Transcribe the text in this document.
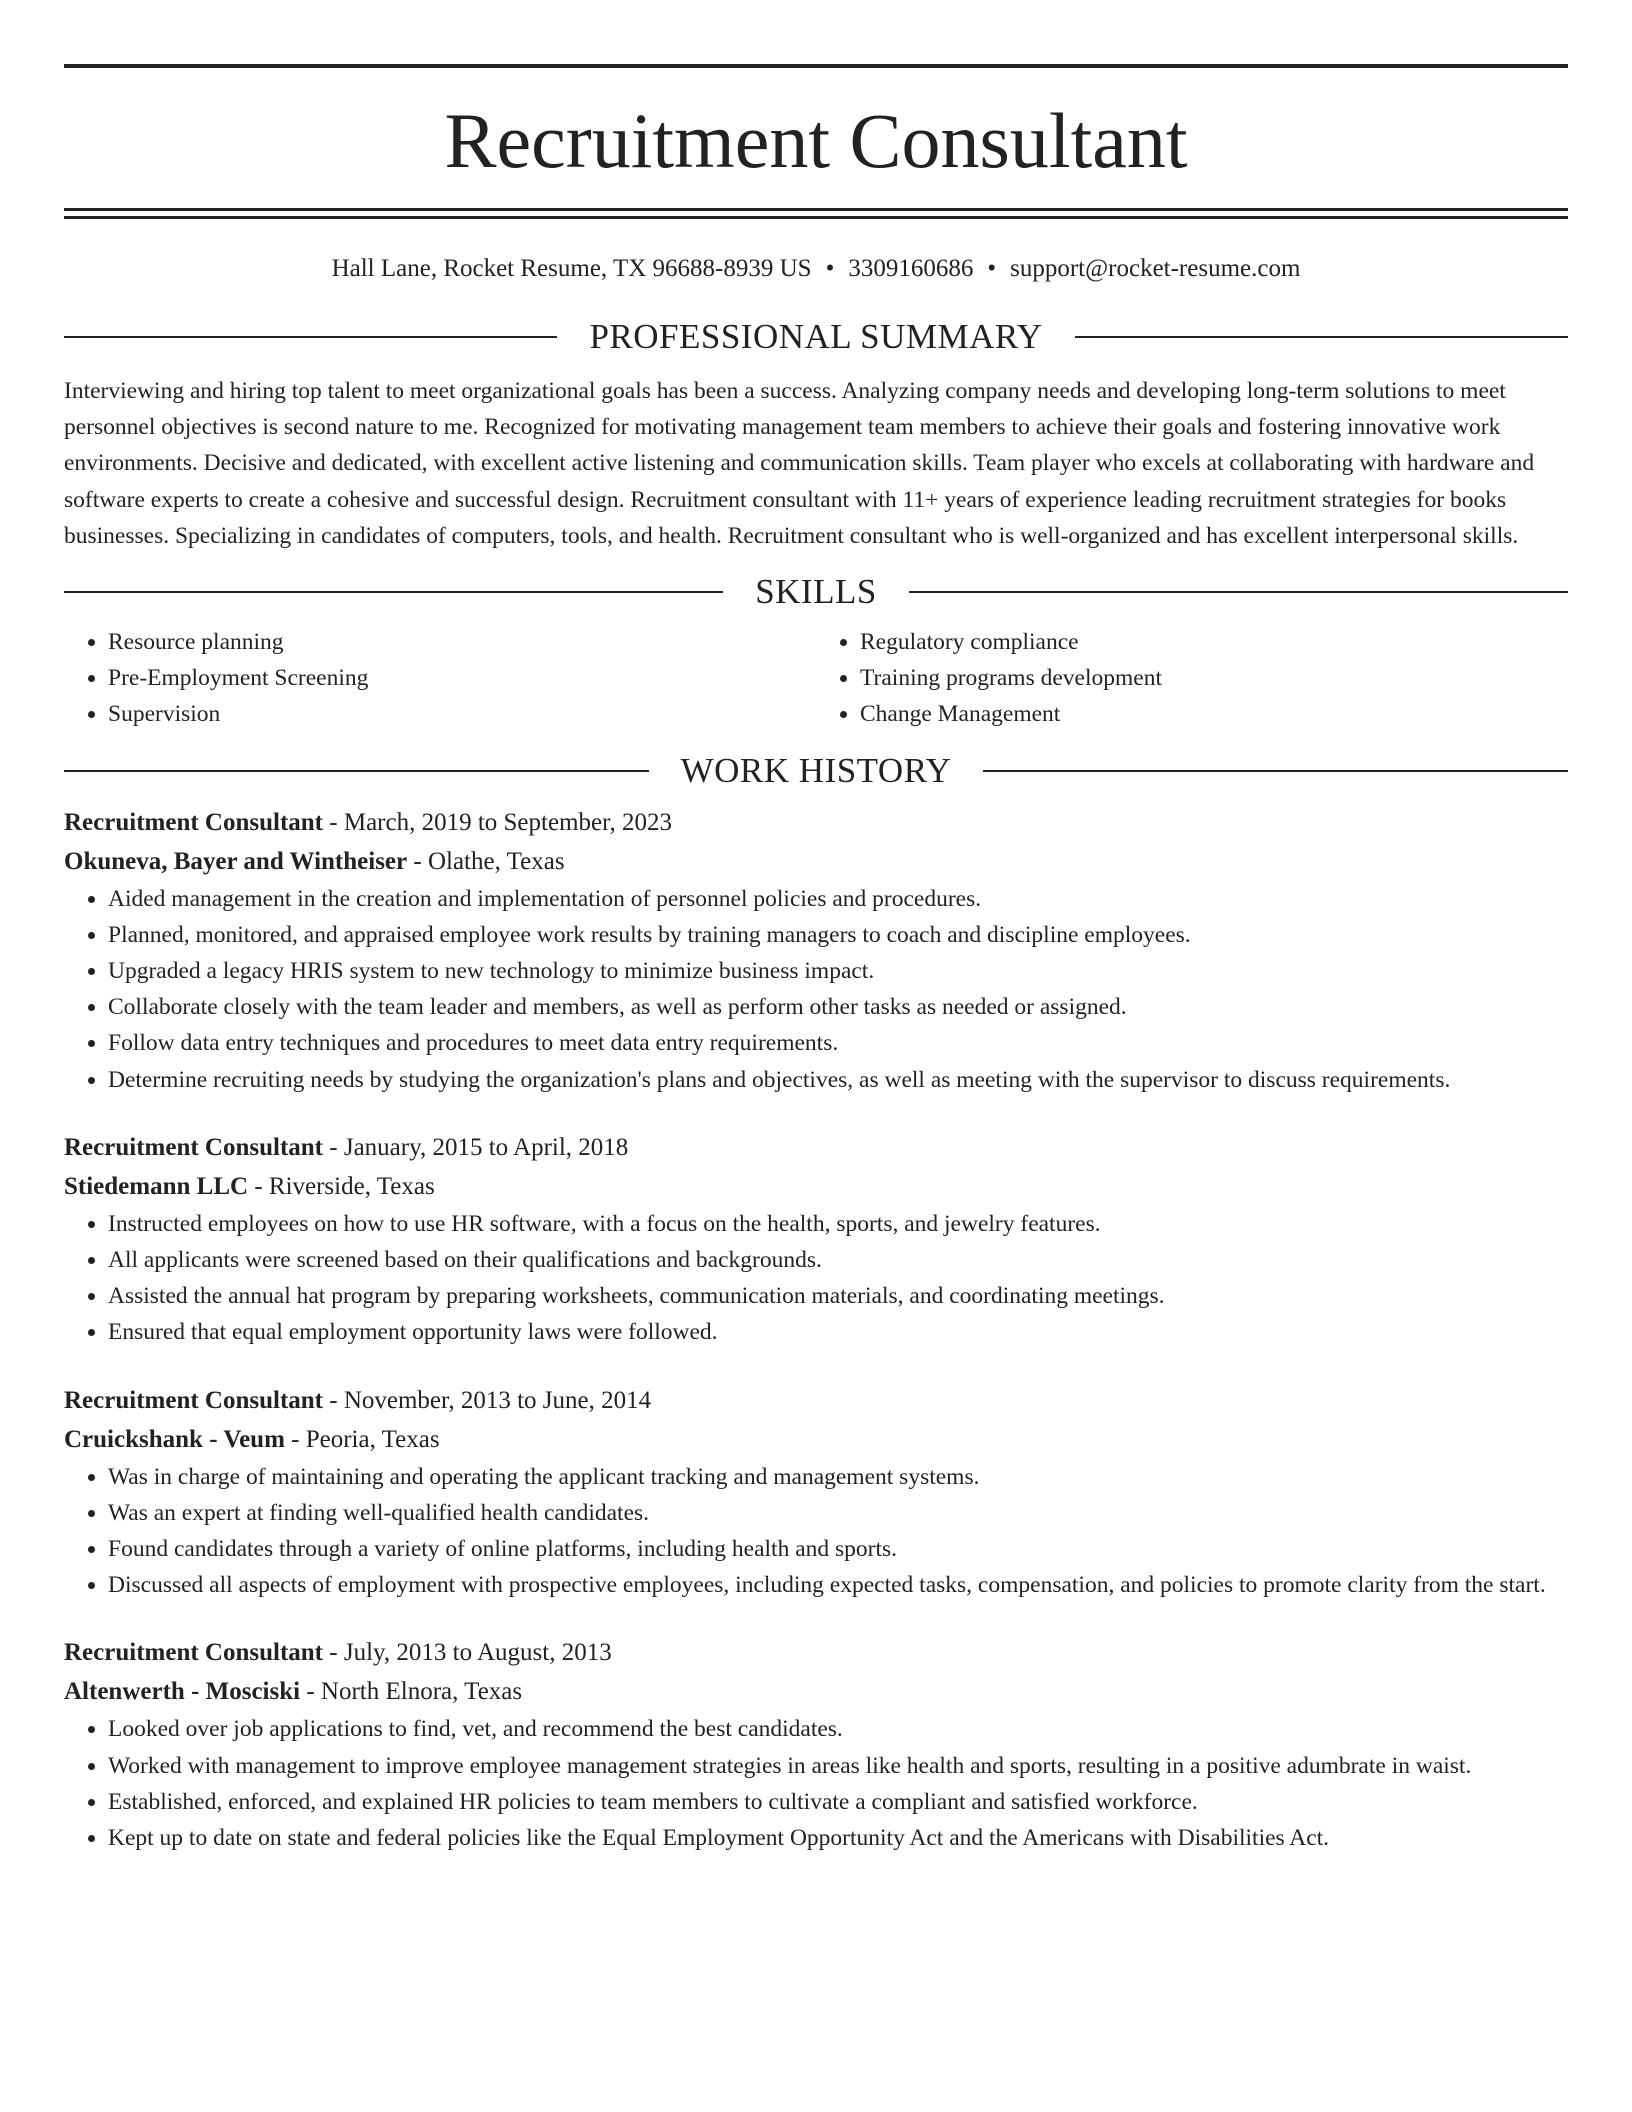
Recruitment Consultant
Hall Lane, Rocket Resume, TX 96688-8939 US • 3309160686 • support@rocket-resume.com
PROFESSIONAL SUMMARY

Interviewing and hiring top talent to meet organizational goals has been a success. Analyzing company needs and developing long-term solutions to meet personnel objectives is second nature to me. Recognized for motivating management team members to achieve their goals and fostering innovative work environments. Decisive and dedicated, with excellent active listening and communication skills. Team player who excels at collaborating with hardware and software experts to create a cohesive and successful design. Recruitment consultant with 11+ years of experience leading recruitment strategies for books businesses. Specializing in candidates of computers, tools, and health. Recruitment consultant who is well-organized and has excellent interpersonal skills.

SKILLS
• Resource planning
• Pre-Employment Screening
• Supervision
• Regulatory compliance
• Training programs development
• Change Management
WORK HISTORY

Recruitment Consultant - March, 2019 to September, 2023

Okuneva, Bayer and Wintheiser - Olathe, Texas

• Aided management in the creation and implementation of personnel policies and procedures.
• Planned, monitored, and appraised employee work results by training managers to coach and discipline employees.
• Upgraded a legacy HRIS system to new technology to minimize business impact.
• Collaborate closely with the team leader and members, as well as perform other tasks as needed or assigned.
• Follow data entry techniques and procedures to meet data entry requirements.
• Determine recruiting needs by studying the organization's plans and objectives, as well as meeting with the supervisor to discuss requirements.

Recruitment Consultant - January, 2015 to April, 2018

Stiedemann LLC - Riverside, Texas

• Instructed employees on how to use HR software, with a focus on the health, sports, and jewelry features.
• All applicants were screened based on their qualifications and backgrounds.
• Assisted the annual hat program by preparing worksheets, communication materials, and coordinating meetings.
• Ensured that equal employment opportunity laws were followed.

Recruitment Consultant - November, 2013 to June, 2014

Cruickshank - Veum - Peoria, Texas

• Was in charge of maintaining and operating the applicant tracking and management systems.
• Was an expert at finding well-qualified health candidates.
• Found candidates through a variety of online platforms, including health and sports.
• Discussed all aspects of employment with prospective employees, including expected tasks, compensation, and policies to promote clarity from the start.

Recruitment Consultant - July, 2013 to August, 2013

Altenwerth - Mosciski - North Elnora, Texas

• Looked over job applications to find, vet, and recommend the best candidates.
• Worked with management to improve employee management strategies in areas like health and sports, resulting in a positive adumbrate in waist.
• Established, enforced, and explained HR policies to team members to cultivate a compliant and satisfied workforce.
• Kept up to date on state and federal policies like the Equal Employment Opportunity Act and the Americans with Disabilities Act.
